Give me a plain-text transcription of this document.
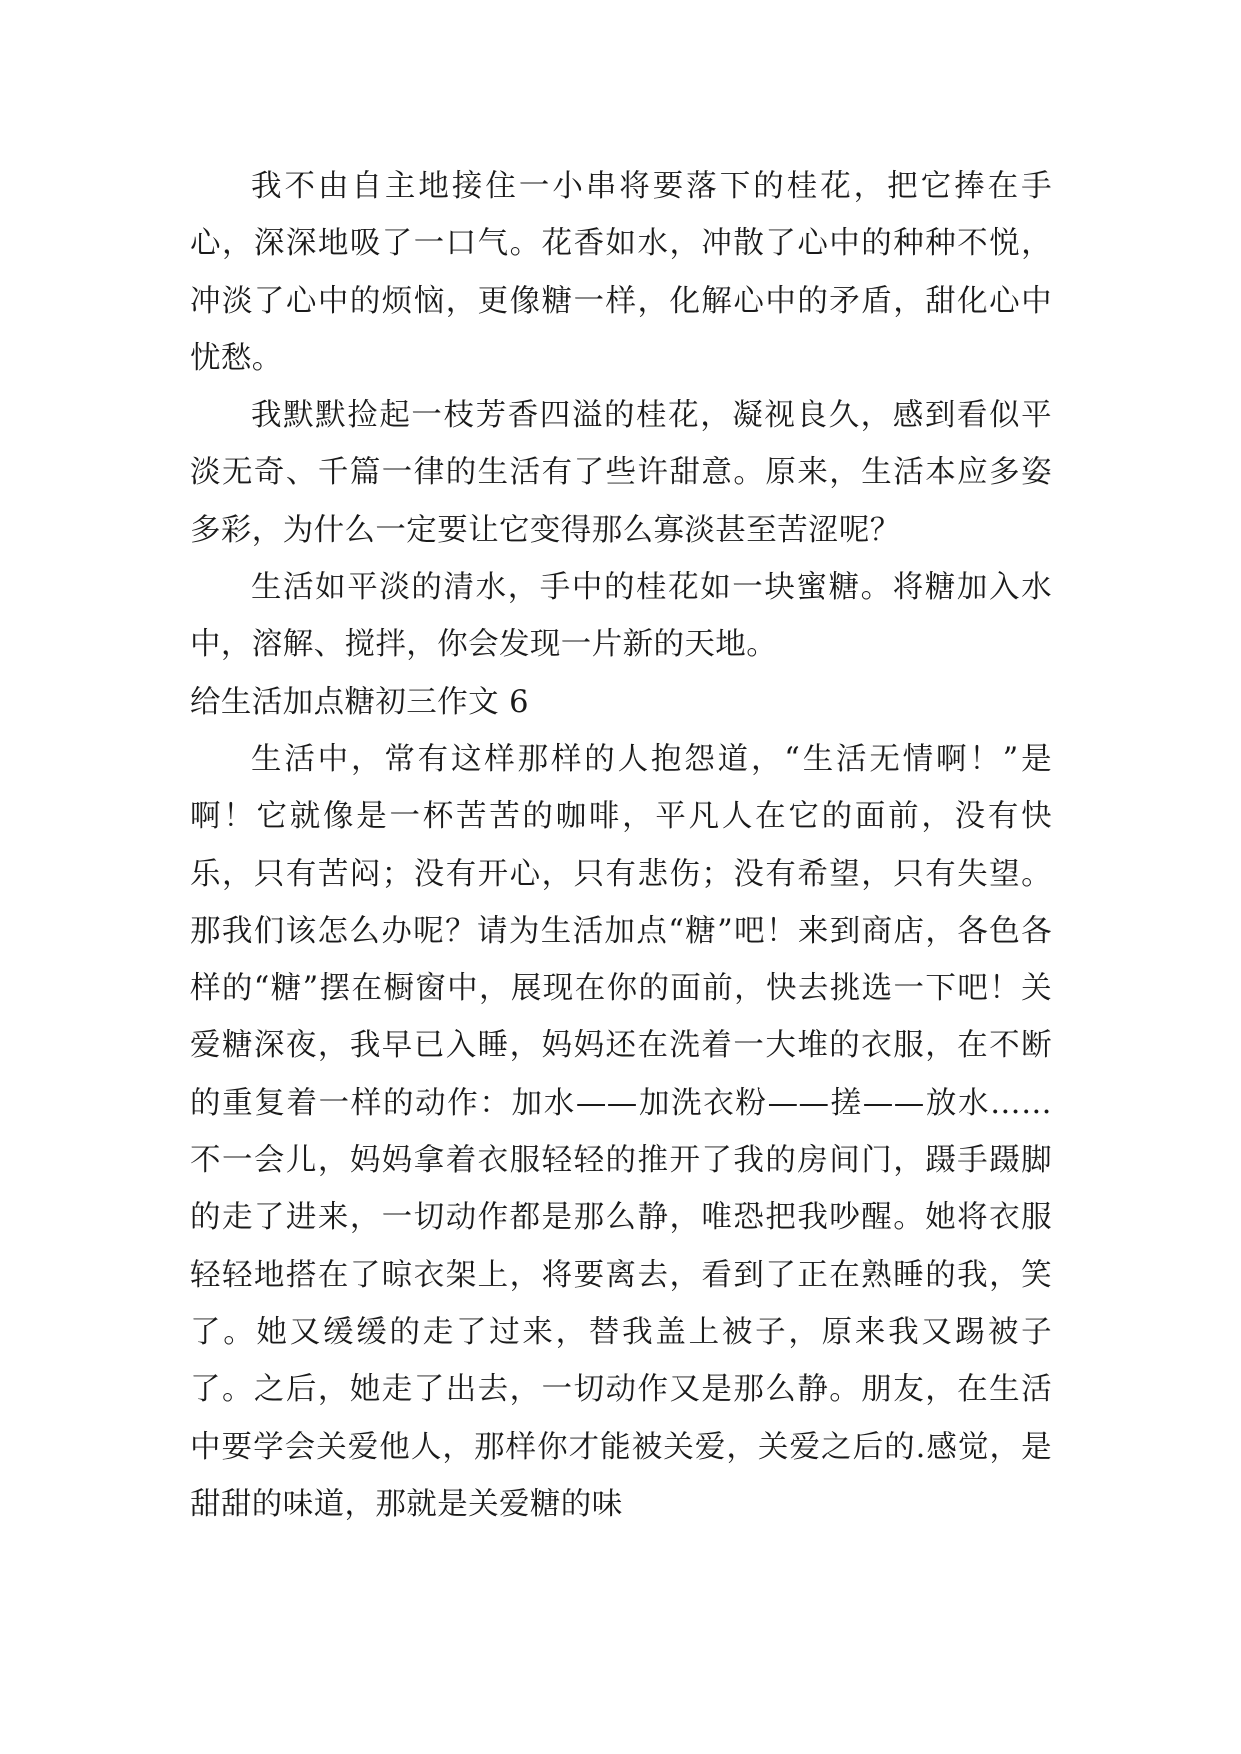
我不由自主地接住一小串将要落下的桂花，把它捧在手心，深深地吸了一口气。花香如水，冲散了心中的种种不悦，冲淡了心中的烦恼，更像糖一样，化解心中的矛盾，甜化心中忧愁。

我默默捡起一枝芳香四溢的桂花，凝视良久，感到看似平淡无奇、千篇一律的生活有了些许甜意。原来，生活本应多姿多彩，为什么一定要让它变得那么寡淡甚至苦涩呢？

生活如平淡的清水，手中的桂花如一块蜜糖。将糖加入水中，溶解、搅拌，你会发现一片新的天地。

给生活加点糖初三作文 6

生活中，常有这样那样的人抱怨道，“生活无情啊！”是啊！它就像是一杯苦苦的咖啡，平凡人在它的面前，没有快乐，只有苦闷；没有开心，只有悲伤；没有希望，只有失望。那我们该怎么办呢？请为生活加点“糖”吧！来到商店，各色各样的“糖”摆在橱窗中，展现在你的面前，快去挑选一下吧！关爱糖深夜，我早已入睡，妈妈还在洗着一大堆的衣服，在不断的重复着一样的动作：加水——加洗衣粉——搓——放水……不一会儿，妈妈拿着衣服轻轻的推开了我的房间门，蹑手蹑脚的走了进来，一切动作都是那么静，唯恐把我吵醒。她将衣服轻轻地搭在了晾衣架上，将要离去，看到了正在熟睡的我，笑了。她又缓缓的走了过来，替我盖上被子，原来我又踢被子了。之后，她走了出去，一切动作又是那么静。朋友，在生活中要学会关爱他人，那样你才能被关爱，关爱之后的.感觉，是甜甜的味道，那就是关爱糖的味
